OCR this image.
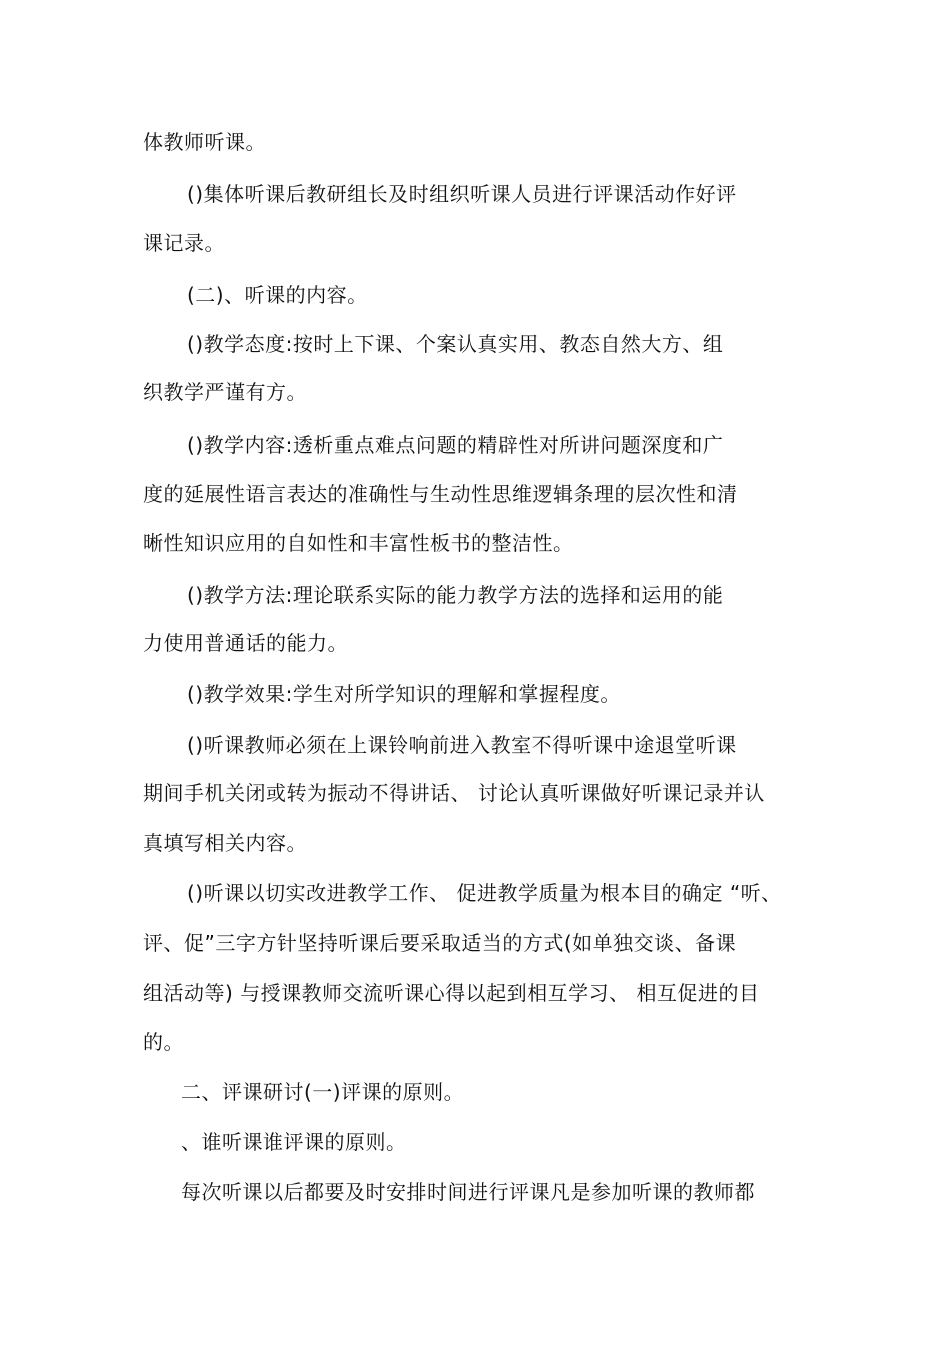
体教师听课。
()集体听课后教研组长及时组织听课人员进行评课活动作好评
课记录。
(二)、听课的内容。
()教学态度:按时上下课、个案认真实用、教态自然大方、组
织教学严谨有方。
()教学内容:透析重点难点问题的精辟性对所讲问题深度和广
度的延展性语言表达的准确性与生动性思维逻辑条理的层次性和清
晰性知识应用的自如性和丰富性板书的整洁性。
()教学方法:理论联系实际的能力教学方法的选择和运用的能
力使用普通话的能力。
()教学效果:学生对所学知识的理解和掌握程度。
()听课教师必须在上课铃响前进入教室不得听课中途退堂听课
期间手机关闭或转为振动不得讲话、 讨论认真听课做好听课记录并认
真填写相关内容。
()听课以切实改进教学工作、 促进教学质量为根本目的确定 “听、
评、促”三字方针坚持听课后要采取适当的方式(如单独交谈、备课
组活动等) 与授课教师交流听课心得以起到相互学习、 相互促进的目
的。
二、评课研讨(一)评课的原则。
、谁听课谁评课的原则。
每次听课以后都要及时安排时间进行评课凡是参加听课的教师都
